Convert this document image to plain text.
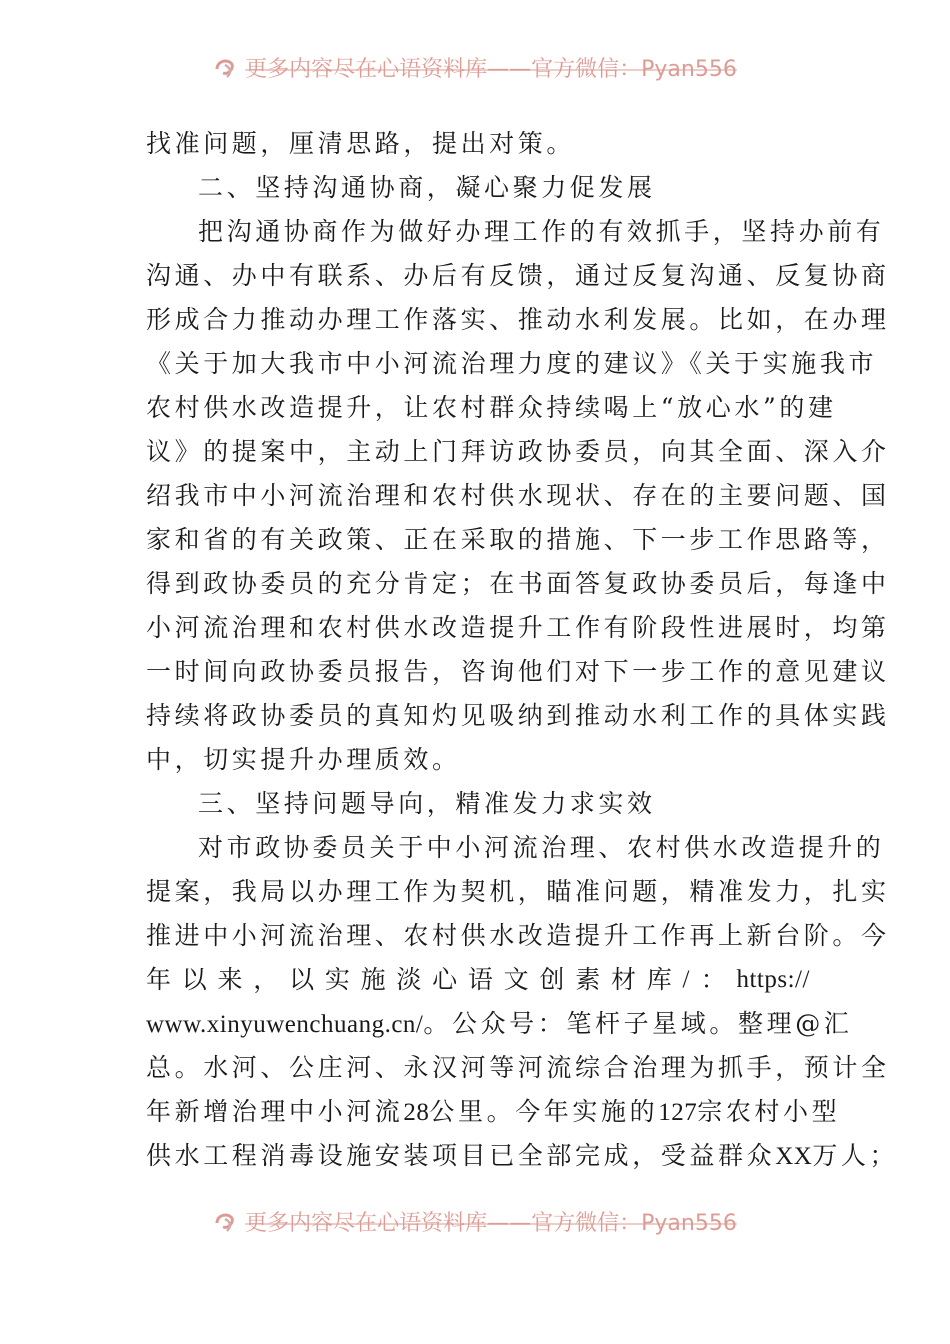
更多内容尽在心语资料库——官方微信：Pyan556
找准问题，厘清思路，提出对策。
二、坚持沟通协商，凝心聚力促发展
把沟通协商作为做好办理工作的有效抓手，坚持办前有
沟通、办中有联系、办后有反馈，通过反复沟通、反复协商
形成合力推动办理工作落实、推动水利发展。比如，在办理
《关于加大我市中小河流治理力度的建议》《关于实施我市
农村供水改造提升，让农村群众持续喝上“放心水”的建
议》的提案中，主动上门拜访政协委员，向其全面、深入介
绍我市中小河流治理和农村供水现状、存在的主要问题、国
家和省的有关政策、正在采取的措施、下一步工作思路等，
得到政协委员的充分肯定；在书面答复政协委员后，每逢中
小河流治理和农村供水改造提升工作有阶段性进展时，均第
一时间向政协委员报告，咨询他们对下一步工作的意见建议
持续将政协委员的真知灼见吸纳到推动水利工作的具体实践
中，切实提升办理质效。
三、坚持问题导向，精准发力求实效
对市政协委员关于中小河流治理、农村供水改造提升的
提案，我局以办理工作为契机，瞄准问题，精准发力，扎实
推进中小河流治理、农村供水改造提升工作再上新台阶。今
年 以 来 ， 以 实 施 淡 心 语 文 创 素 材 库 / ： https://
www.xinyuwenchuang.cn/。公众号：笔杆子星域。整理@汇
总。水河、公庄河、永汉河等河流综合治理为抓手，预计全
年新增治理中小河流28公里。今年实施的127宗农村小型
供水工程消毒设施安装项目已全部完成，受益群众XX万人；
更多内容尽在心语资料库——官方微信：Pyan556
